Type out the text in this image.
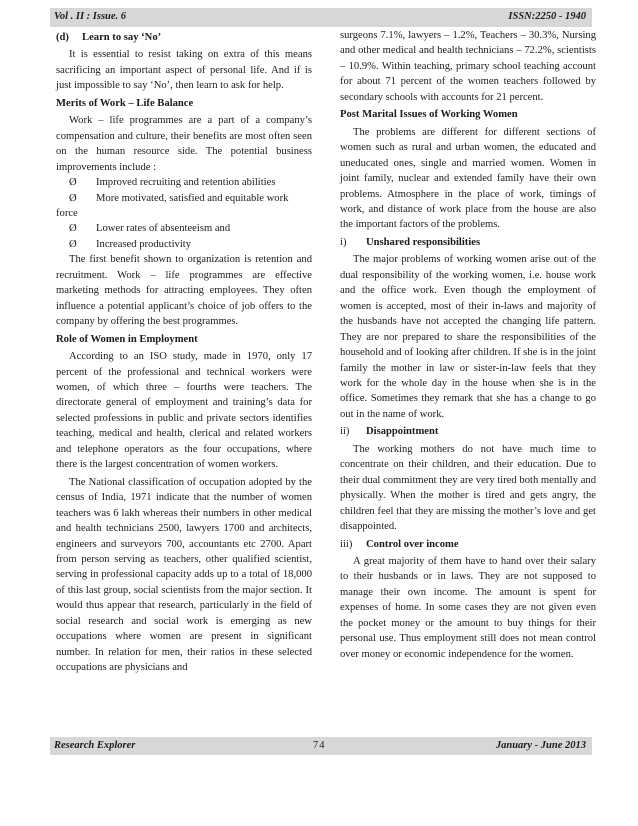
Vol . II : Issue. 6	ISSN:2250 - 1940
(d)	Learn to say ‘No’

It is essential to resist taking on extra of this means sacrificing an important aspect of personal life. And if is just impossible to say ‘No’, then learn to ask for help.

Merits of Work – Life Balance

Work – life programmes are a part of a company’s compensation and culture, their benefits are most often seen on the human resource side. The potential business improvements include :

Ø	Improved recruiting and retention abilities
Ø	More motivated, satisfied and equitable work

force

Ø	Lower rates of absenteeism and
Ø	Increased productivity

The first benefit shown to organization is retention and recruitment. Work – life programmes are effective marketing methods for attracting employees. They often influence a potential applicant’s choice of job offers to the company by offering the best programmes.

Role of Women in Employment

According to an ISO study, made in 1970, only 17 percent of the professional and technical workers were women, of which three – fourths were teachers. The directorate general of employment and training’s data for selected professions in public and private sectors identifies teaching, medical and health, clerical and related workers and telephone operators as the four occupations, where there is the largest concentration of women workers.

The National classification of occupation adopted by the census of India, 1971 indicate that the number of women teachers was 6 lakh whereas their numbers in other medical and health technicians 2500, lawyers 1700 and architects, engineers and surveyors 700, accountants etc 2700. Apart from person serving as teachers, other qualified scientist, serving in professional capacity adds up to a total of 18,000 of this last group, social scientists from the major section. It would thus appear that research, particularly in the field of social research and social work is emerging as new occupations where women are present in significant number. In relation for men, their ratios in these selected occupations are physicians and

surgeons 7.1%, lawyers – 1.2%, Teachers – 30.3%, Nursing and other medical and health technicians – 72.2%, scientists – 10.9%. Within teaching, primary school teaching account for about 71 percent of the women teachers followed by secondary schools with accounts for 21 percent.

Post Marital Issues of Working Women

The problems are different for different sections of women such as rural and urban women, the educated and uneducated ones, single and married women. Women in joint family, nuclear and extended family have their own problems. Atmosphere in the place of work, timings of work, and distance of work place from the house are also the important factors of the problems.

i)	Unshared responsibilities

The major problems of working women arise out of the dual responsibility of the working women, i.e. house work and the office work. Even though the employment of women is accepted, most of their in-laws and majority of the husbands have not accepted the changing life pattern. They are nor prepared to share the responsibilities of the household and of looking after children. If she is in the joint family the mother in law or sister-in-law feels that they work for the whole day in the house when she is in the office. Sometimes they remark that she has a change to go out in the name of work.

ii)	Disappointment

The working mothers do not have much time to concentrate on their children, and their education. Due to their dual commitment they are very tired both mentally and physically. When the mother is tired and gets angry, the children feel that they are missing the mother’s love and get disappointed.

iii)	Control over income

A great majority of them have to hand over their salary to their husbands or in laws. They are not supposed to manage their own income. The amount is spent for expenses of home. In some cases they are not given even the pocket money or the amount to buy things for their personal use. Thus employment still does not mean control over money or economic independence for the women.

Research Explorer	74	January - June 2013
